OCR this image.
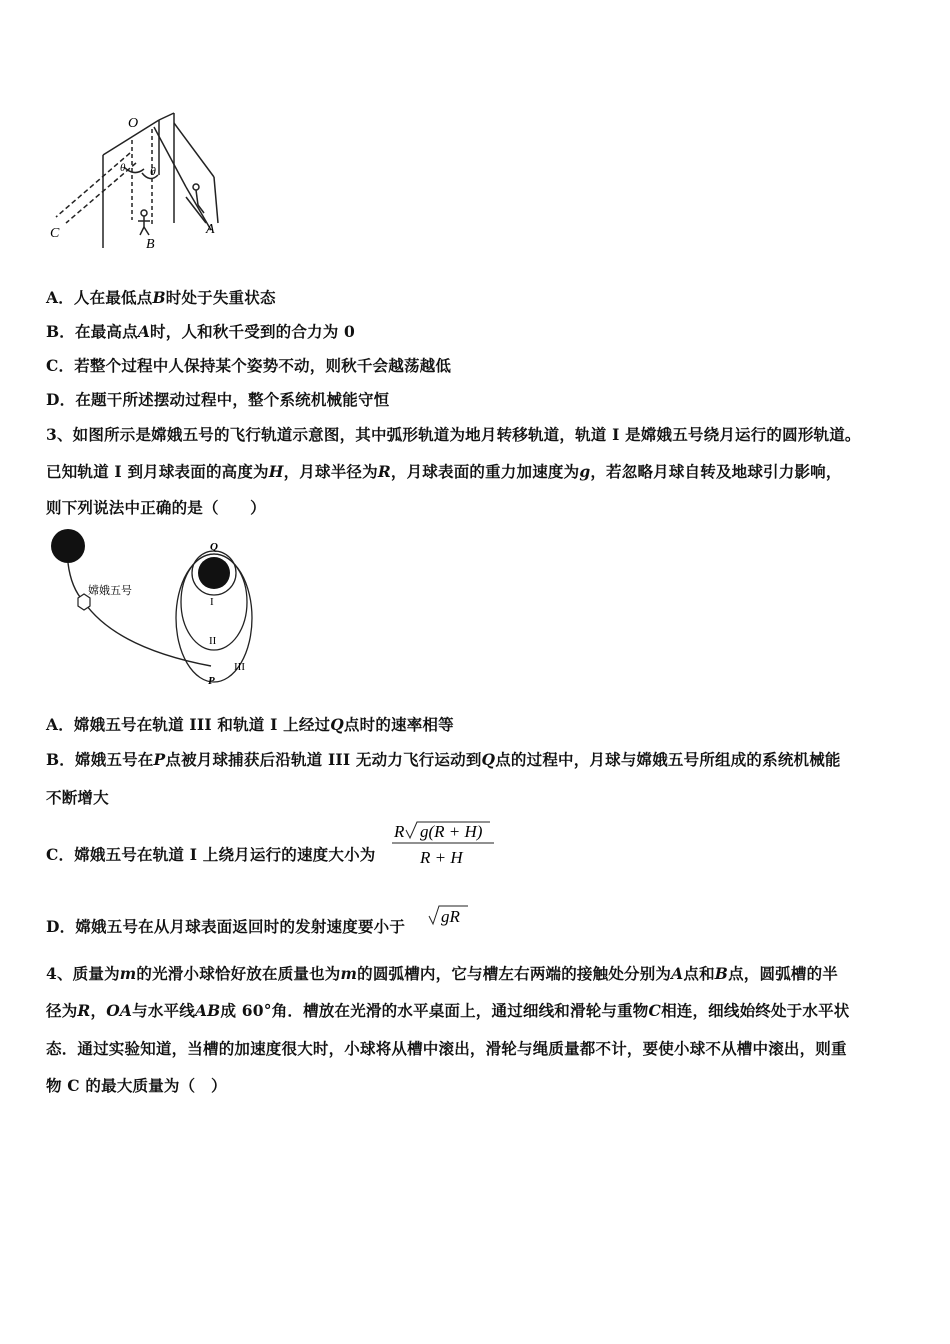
O
θ θ
C
B
A
A．人在最低点B时处于失重状态
B．在最高点A时，人和秋千受到的合力为 0
C．若整个过程中人保持某个姿势不动，则秋千会越荡越低
D．在题干所述摆动过程中，整个系统机械能守恒
3、如图所示是嫦娥五号的飞行轨道示意图，其中弧形轨道为地月转移轨道，轨道 I 是嫦娥五号绕月运行的圆形轨道。
已知轨道 I 到月球表面的高度为H，月球半径为R，月球表面的重力加速度为g，若忽略月球自转及地球引力影响，
则下列说法中正确的是（　　）
嫦娥五号
Q
I
II
III
P
A．嫦娥五号在轨道 III 和轨道 I 上经过Q点时的速率相等
B．嫦娥五号在P点被月球捕获后沿轨道 III 无动力飞行运动到Q点的过程中，月球与嫦娥五号所组成的系统机械能
不断增大
C．嫦娥五号在轨道 I 上绕月运行的速度大小为
R g(R + H)
R + H
D．嫦娥五号在从月球表面返回时的发射速度要小于
gR
4、质量为m的光滑小球恰好放在质量也为m的圆弧槽内，它与槽左右两端的接触处分别为A点和B点，圆弧槽的半
径为R，OA与水平线AB成 60°角．槽放在光滑的水平桌面上，通过细线和滑轮与重物C相连，细线始终处于水平状
态．通过实验知道，当槽的加速度很大时，小球将从槽中滚出，滑轮与绳质量都不计，要使小球不从槽中滚出，则重
物 C 的最大质量为（　）
